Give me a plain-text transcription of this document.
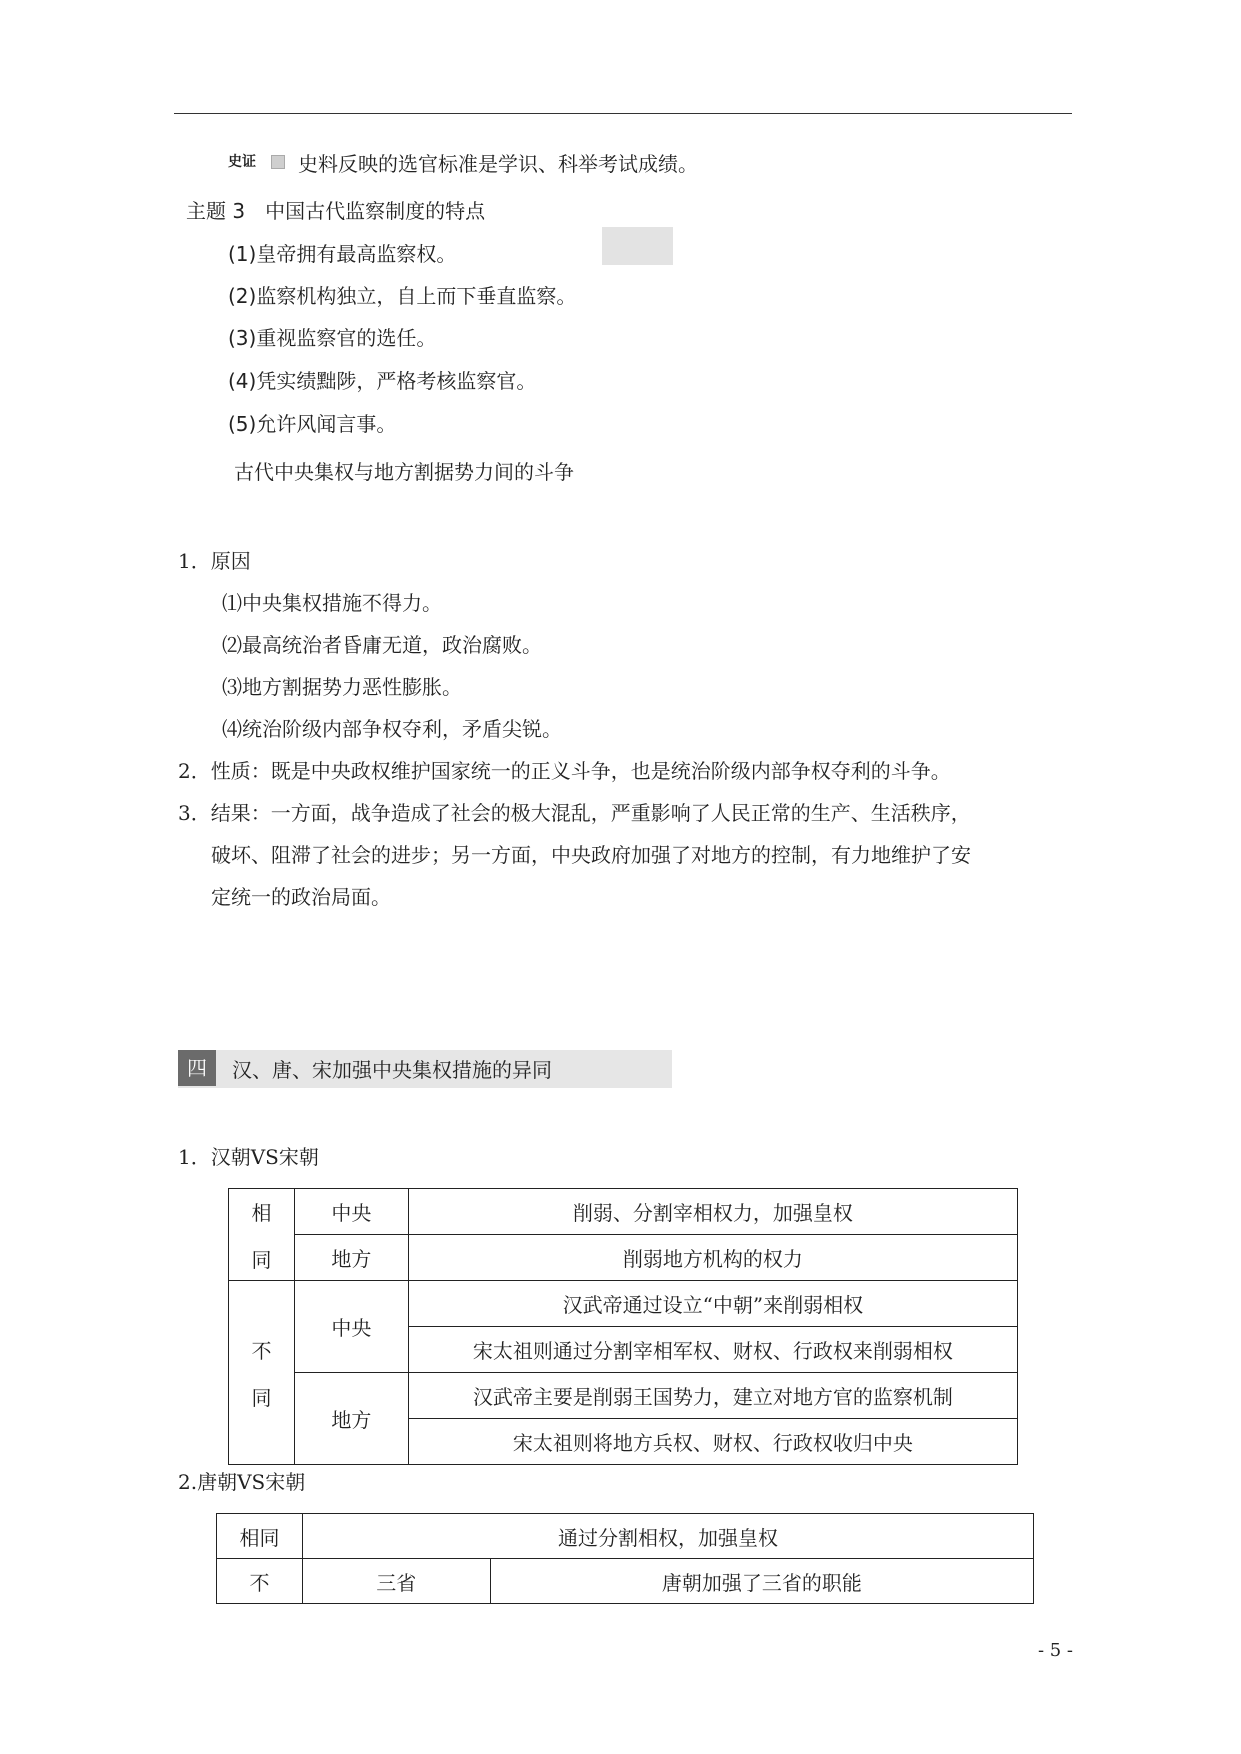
史证 史料反映的选官标准是学识、科举考试成绩。
主题 3　中国古代监察制度的特点
(1)皇帝拥有最高监察权。
(2)监察机构独立，自上而下垂直监察。
(3)重视监察官的选任。
(4)凭实绩黜陟，严格考核监察官。
(5)允许风闻言事。
古代中央集权与地方割据势力间的斗争
1．原因
⑴中央集权措施不得力。
⑵最高统治者昏庸无道，政治腐败。
⑶地方割据势力恶性膨胀。
⑷统治阶级内部争权夺利，矛盾尖锐。
2．性质：既是中央政权维护国家统一的正义斗争，也是统治阶级内部争权夺利的斗争。
3．结果：一方面，战争造成了社会的极大混乱，严重影响了人民正常的生产、生活秩序，
破坏、阻滞了社会的进步；另一方面，中央政府加强了对地方的控制，有力地维护了安
定统一的政治局面。
四	汉、唐、宋加强中央集权措施的异同
1．汉朝VS宋朝
相
同	中央	削弱、分割宰相权力，加强皇权
	地方	削弱地方机构的权力

不
同	中央	汉武帝通过设立“中朝”来削弱相权
		宋太祖则通过分割宰相军权、财权、行政权来削弱相权
	地方	汉武帝主要是削弱王国势力，建立对地方官的监察机制
		宋太祖则将地方兵权、财权、行政权收归中央
2.唐朝VS宋朝
相同	通过分割相权，加强皇权	
不	三省	唐朝加强了三省的职能
- 5 -
